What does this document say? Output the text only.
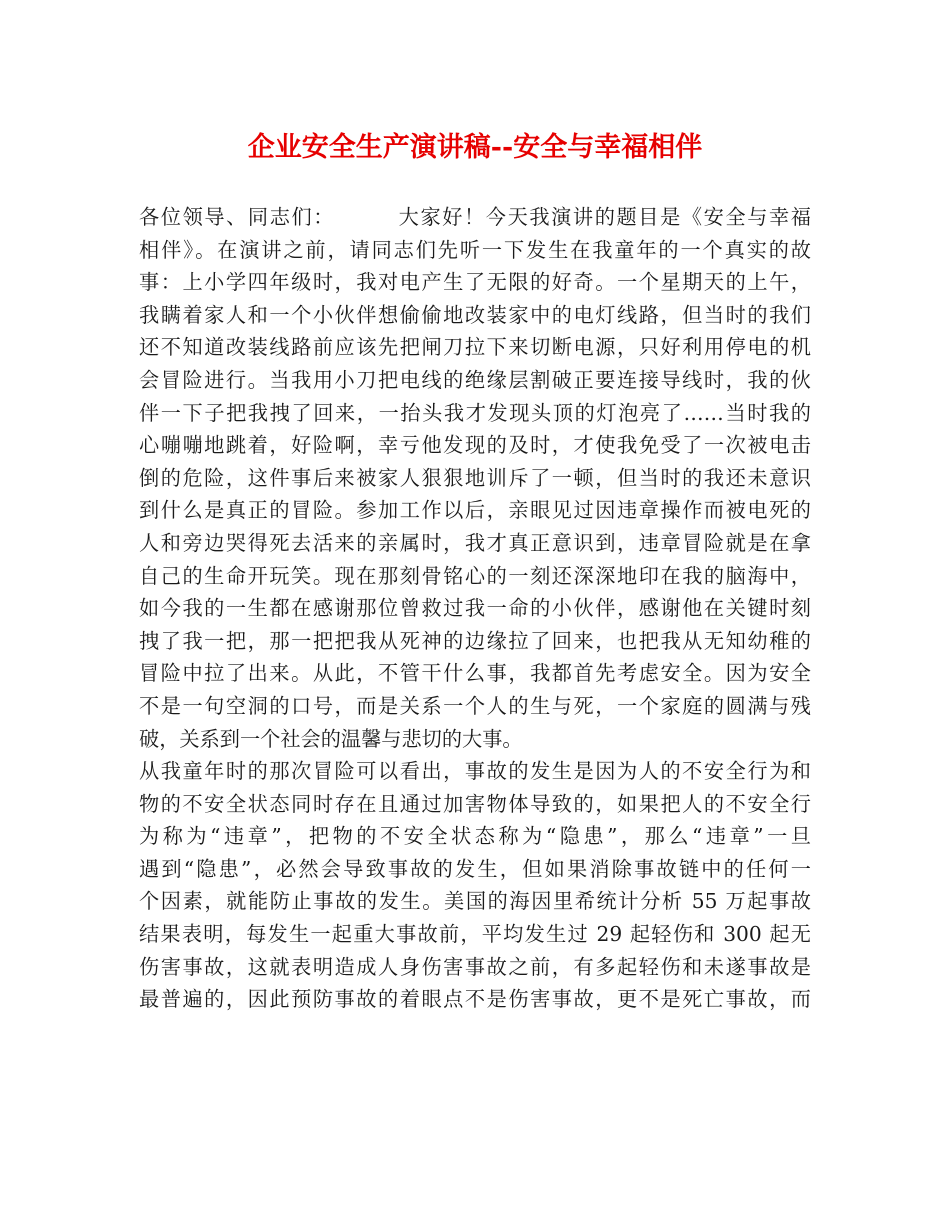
企业安全生产演讲稿--安全与幸福相伴
各位领导、同志们：	大家好！今天我演讲的题目是《安全与幸福
相伴》。在演讲之前，请同志们先听一下发生在我童年的一个真实的故
事：上小学四年级时，我对电产生了无限的好奇。一个星期天的上午，
我瞒着家人和一个小伙伴想偷偷地改装家中的电灯线路，但当时的我们
还不知道改装线路前应该先把闸刀拉下来切断电源，只好利用停电的机
会冒险进行。当我用小刀把电线的绝缘层割破正要连接导线时，我的伙
伴一下子把我拽了回来，一抬头我才发现头顶的灯泡亮了……当时我的
心嘣嘣地跳着，好险啊，幸亏他发现的及时，才使我免受了一次被电击
倒的危险，这件事后来被家人狠狠地训斥了一顿，但当时的我还未意识
到什么是真正的冒险。参加工作以后，亲眼见过因违章操作而被电死的
人和旁边哭得死去活来的亲属时，我才真正意识到，违章冒险就是在拿
自己的生命开玩笑。现在那刻骨铭心的一刻还深深地印在我的脑海中，
如今我的一生都在感谢那位曾救过我一命的小伙伴，感谢他在关键时刻
拽了我一把，那一把把我从死神的边缘拉了回来，也把我从无知幼稚的
冒险中拉了出来。从此，不管干什么事，我都首先考虑安全。因为安全
不是一句空洞的口号，而是关系一个人的生与死，一个家庭的圆满与残
破，关系到一个社会的温馨与悲切的大事。
从我童年时的那次冒险可以看出，事故的发生是因为人的不安全行为和
物的不安全状态同时存在且通过加害物体导致的，如果把人的不安全行
为称为“违章”，把物的不安全状态称为“隐患”，那么“违章”一旦
遇到“隐患”，必然会导致事故的发生，但如果消除事故链中的任何一
个因素，就能防止事故的发生。美国的海因里希统计分析 55 万起事故
结果表明，每发生一起重大事故前，平均发生过 29 起轻伤和 300 起无
伤害事故，这就表明造成人身伤害事故之前，有多起轻伤和未遂事故是
最普遍的，因此预防事故的着眼点不是伤害事故，更不是死亡事故，而
